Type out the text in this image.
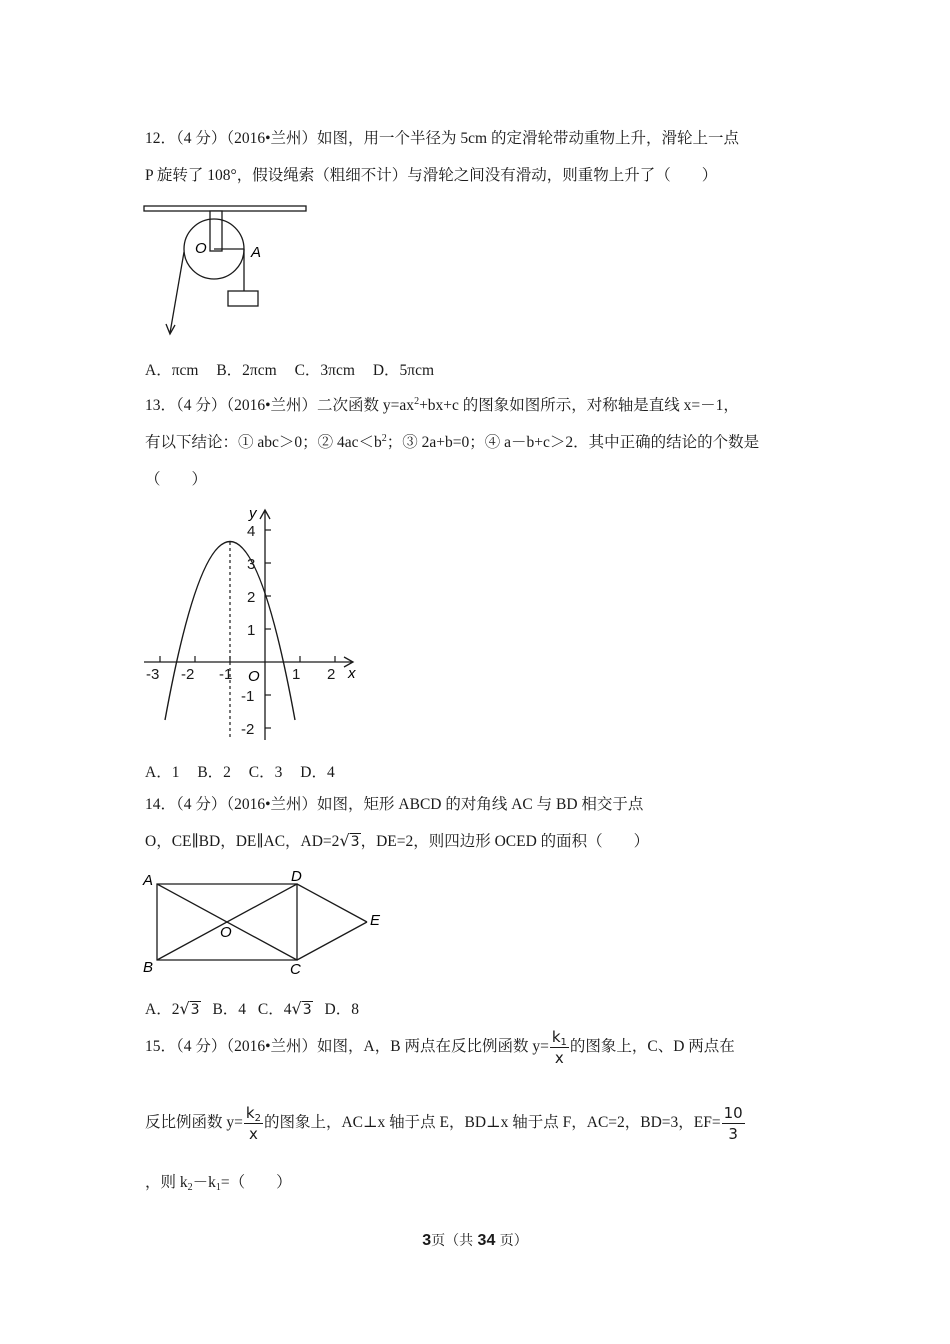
12．（4 分）（2016•兰州）如图，用一个半径为 5cm 的定滑轮带动重物上升，滑轮上一点
P 旋转了 108°，假设绳索（粗细不计）与滑轮之间没有滑动，则重物上升了（　　）
O	A
A．πcm B．2πcm C．3πcm D．5πcm
13．（4 分）（2016•兰州）二次函数 $y=ax^2+bx+c$ 的图象如图所示，对称轴是直线 x=－1，
有以下结论：① abc＞0；② $4ac<b^2$；③ 2a+b=0；④ a－b+c＞2．其中正确的结论的个数是
（　　）
y
x
O
-3 -2 -1	1 2
4
3
2
1
-1
-2
A．1 B．2 C．3 D．4
14．（4 分）（2016•兰州）如图，矩形 ABCD 的对角线 AC 与 BD 相交于点
O，CE∥BD，DE∥AC，AD=2√3，DE=2，则四边形 OCED 的面积（　　）
A	D
B	C
E
O
A．2√3 B．4 C．4√3 D．8
15．（4 分）（2016•兰州）如图，A，B 两点在反比例函数 $y= \frac{k_1}{x}$ 的图象上，C、D 两点在
反比例函数 $y= \frac{k_2}{x}$ 的图象上，AC⊥x 轴于点 E，BD⊥x 轴于点 F，AC=2，BD=3，$EF= \frac{10}{3}$
，则 $k_2-k_1=$（　　）
3页（共 34 页）
